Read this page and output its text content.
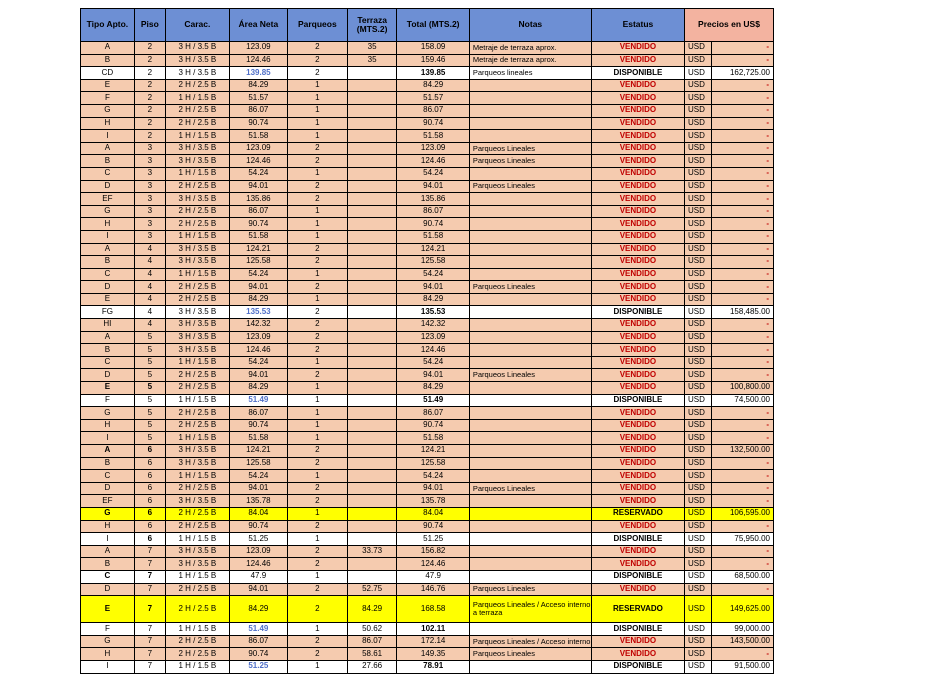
Tipo Apto.	Piso	Carac.	Área Neta	Parqueos	Terraza (MTS.2)	Total (MTS.2)	Notas	Estatus	Precios en US$	
A	2	3 H / 3.5 B	123.09	2	35	158.09	Metraje de terraza aprox.	VENDIDO	USD	-
B	2	3 H / 3.5 B	124.46	2	35	159.46	Metraje de terraza aprox.	VENDIDO	USD	-
CD	2	3 H / 3.5 B	139.85	2		139.85	Parqueos lineales	DISPONIBLE	USD	162,725.00
E	2	2 H / 2.5 B	84.29	1		84.29		VENDIDO	USD	-
F	2	1 H / 1.5 B	51.57	1		51.57		VENDIDO	USD	-
G	2	2 H / 2.5 B	86.07	1		86.07		VENDIDO	USD	-
H	2	2 H / 2.5 B	90.74	1		90.74		VENDIDO	USD	-
I	2	1 H / 1.5 B	51.58	1		51.58		VENDIDO	USD	-
A	3	3 H / 3.5 B	123.09	2		123.09	Parqueos Lineales	VENDIDO	USD	-
B	3	3 H / 3.5 B	124.46	2		124.46	Parqueos Lineales	VENDIDO	USD	-
C	3	1 H / 1.5 B	54.24	1		54.24		VENDIDO	USD	-
D	3	2 H / 2.5 B	94.01	2		94.01	Parqueos Lineales	VENDIDO	USD	-
EF	3	3 H / 3.5 B	135.86	2		135.86		VENDIDO	USD	-
G	3	2 H / 2.5 B	86.07	1		86.07		VENDIDO	USD	-
H	3	2 H / 2.5 B	90.74	1		90.74		VENDIDO	USD	-
I	3	1 H / 1.5 B	51.58	1		51.58		VENDIDO	USD	-
A	4	3 H / 3.5 B	124.21	2		124.21		VENDIDO	USD	-
B	4	3 H / 3.5 B	125.58	2		125.58		VENDIDO	USD	-
C	4	1 H / 1.5 B	54.24	1		54.24		VENDIDO	USD	-
D	4	2 H / 2.5 B	94.01	2		94.01	Parqueos Lineales	VENDIDO	USD	-
E	4	2 H / 2.5 B	84.29	1		84.29		VENDIDO	USD	-
FG	4	3 H / 3.5 B	135.53	2		135.53		DISPONIBLE	USD	158,485.00
HI	4	3 H / 3.5 B	142.32	2		142.32		VENDIDO	USD	-
A	5	3 H / 3.5 B	123.09	2		123.09		VENDIDO	USD	-
B	5	3 H / 3.5 B	124.46	2		124.46		VENDIDO	USD	-
C	5	1 H / 1.5 B	54.24	1		54.24		VENDIDO	USD	-
D	5	2 H / 2.5 B	94.01	2		94.01	Parqueos Lineales	VENDIDO	USD	-
E	5	2 H / 2.5 B	84.29	1		84.29		VENDIDO	USD	100,800.00
F	5	1 H / 1.5 B	51.49	1		51.49		DISPONIBLE	USD	74,500.00
G	5	2 H / 2.5 B	86.07	1		86.07		VENDIDO	USD	-
H	5	2 H / 2.5 B	90.74	1		90.74		VENDIDO	USD	-
I	5	1 H / 1.5 B	51.58	1		51.58		VENDIDO	USD	-
A	6	3 H / 3.5 B	124.21	2		124.21		VENDIDO	USD	132,500.00
B	6	3 H / 3.5 B	125.58	2		125.58		VENDIDO	USD	-
C	6	1 H / 1.5 B	54.24	1		54.24		VENDIDO	USD	-
D	6	2 H / 2.5 B	94.01	2		94.01	Parqueos Lineales	VENDIDO	USD	-
EF	6	3 H / 3.5 B	135.78	2		135.78		VENDIDO	USD	-
G	6	2 H / 2.5 B	84.04	1		84.04		RESERVADO	USD	106,595.00
H	6	2 H / 2.5 B	90.74	2		90.74		VENDIDO	USD	-
I	6	1 H / 1.5 B	51.25	1		51.25		DISPONIBLE	USD	75,950.00
A	7	3 H / 3.5 B	123.09	2	33.73	156.82		VENDIDO	USD	-
B	7	3 H / 3.5 B	124.46	2		124.46		VENDIDO	USD	-
C	7	1 H / 1.5 B	47.9	1		47.9		DISPONIBLE	USD	68,500.00
D	7	2 H / 2.5 B	94.01	2	52.75	146.76	Parqueos Lineales	VENDIDO	USD	-
E	7	2 H / 2.5 B	84.29	2	84.29	168.58	Parqueos Lineales / Acceso interno a terraza	RESERVADO	USD	149,625.00
F	7	1 H / 1.5 B	51.49	1	50.62	102.11		DISPONIBLE	USD	99,000.00
G	7	2 H / 2.5 B	86.07	2	86.07	172.14	Parqueos Lineales / Acceso interno	VENDIDO	USD	143,500.00
H	7	2 H / 2.5 B	90.74	2	58.61	149.35	Parqueos Lineales	VENDIDO	USD	-
I	7	1 H / 1.5 B	51.25	1	27.66	78.91		DISPONIBLE	USD	91,500.00
